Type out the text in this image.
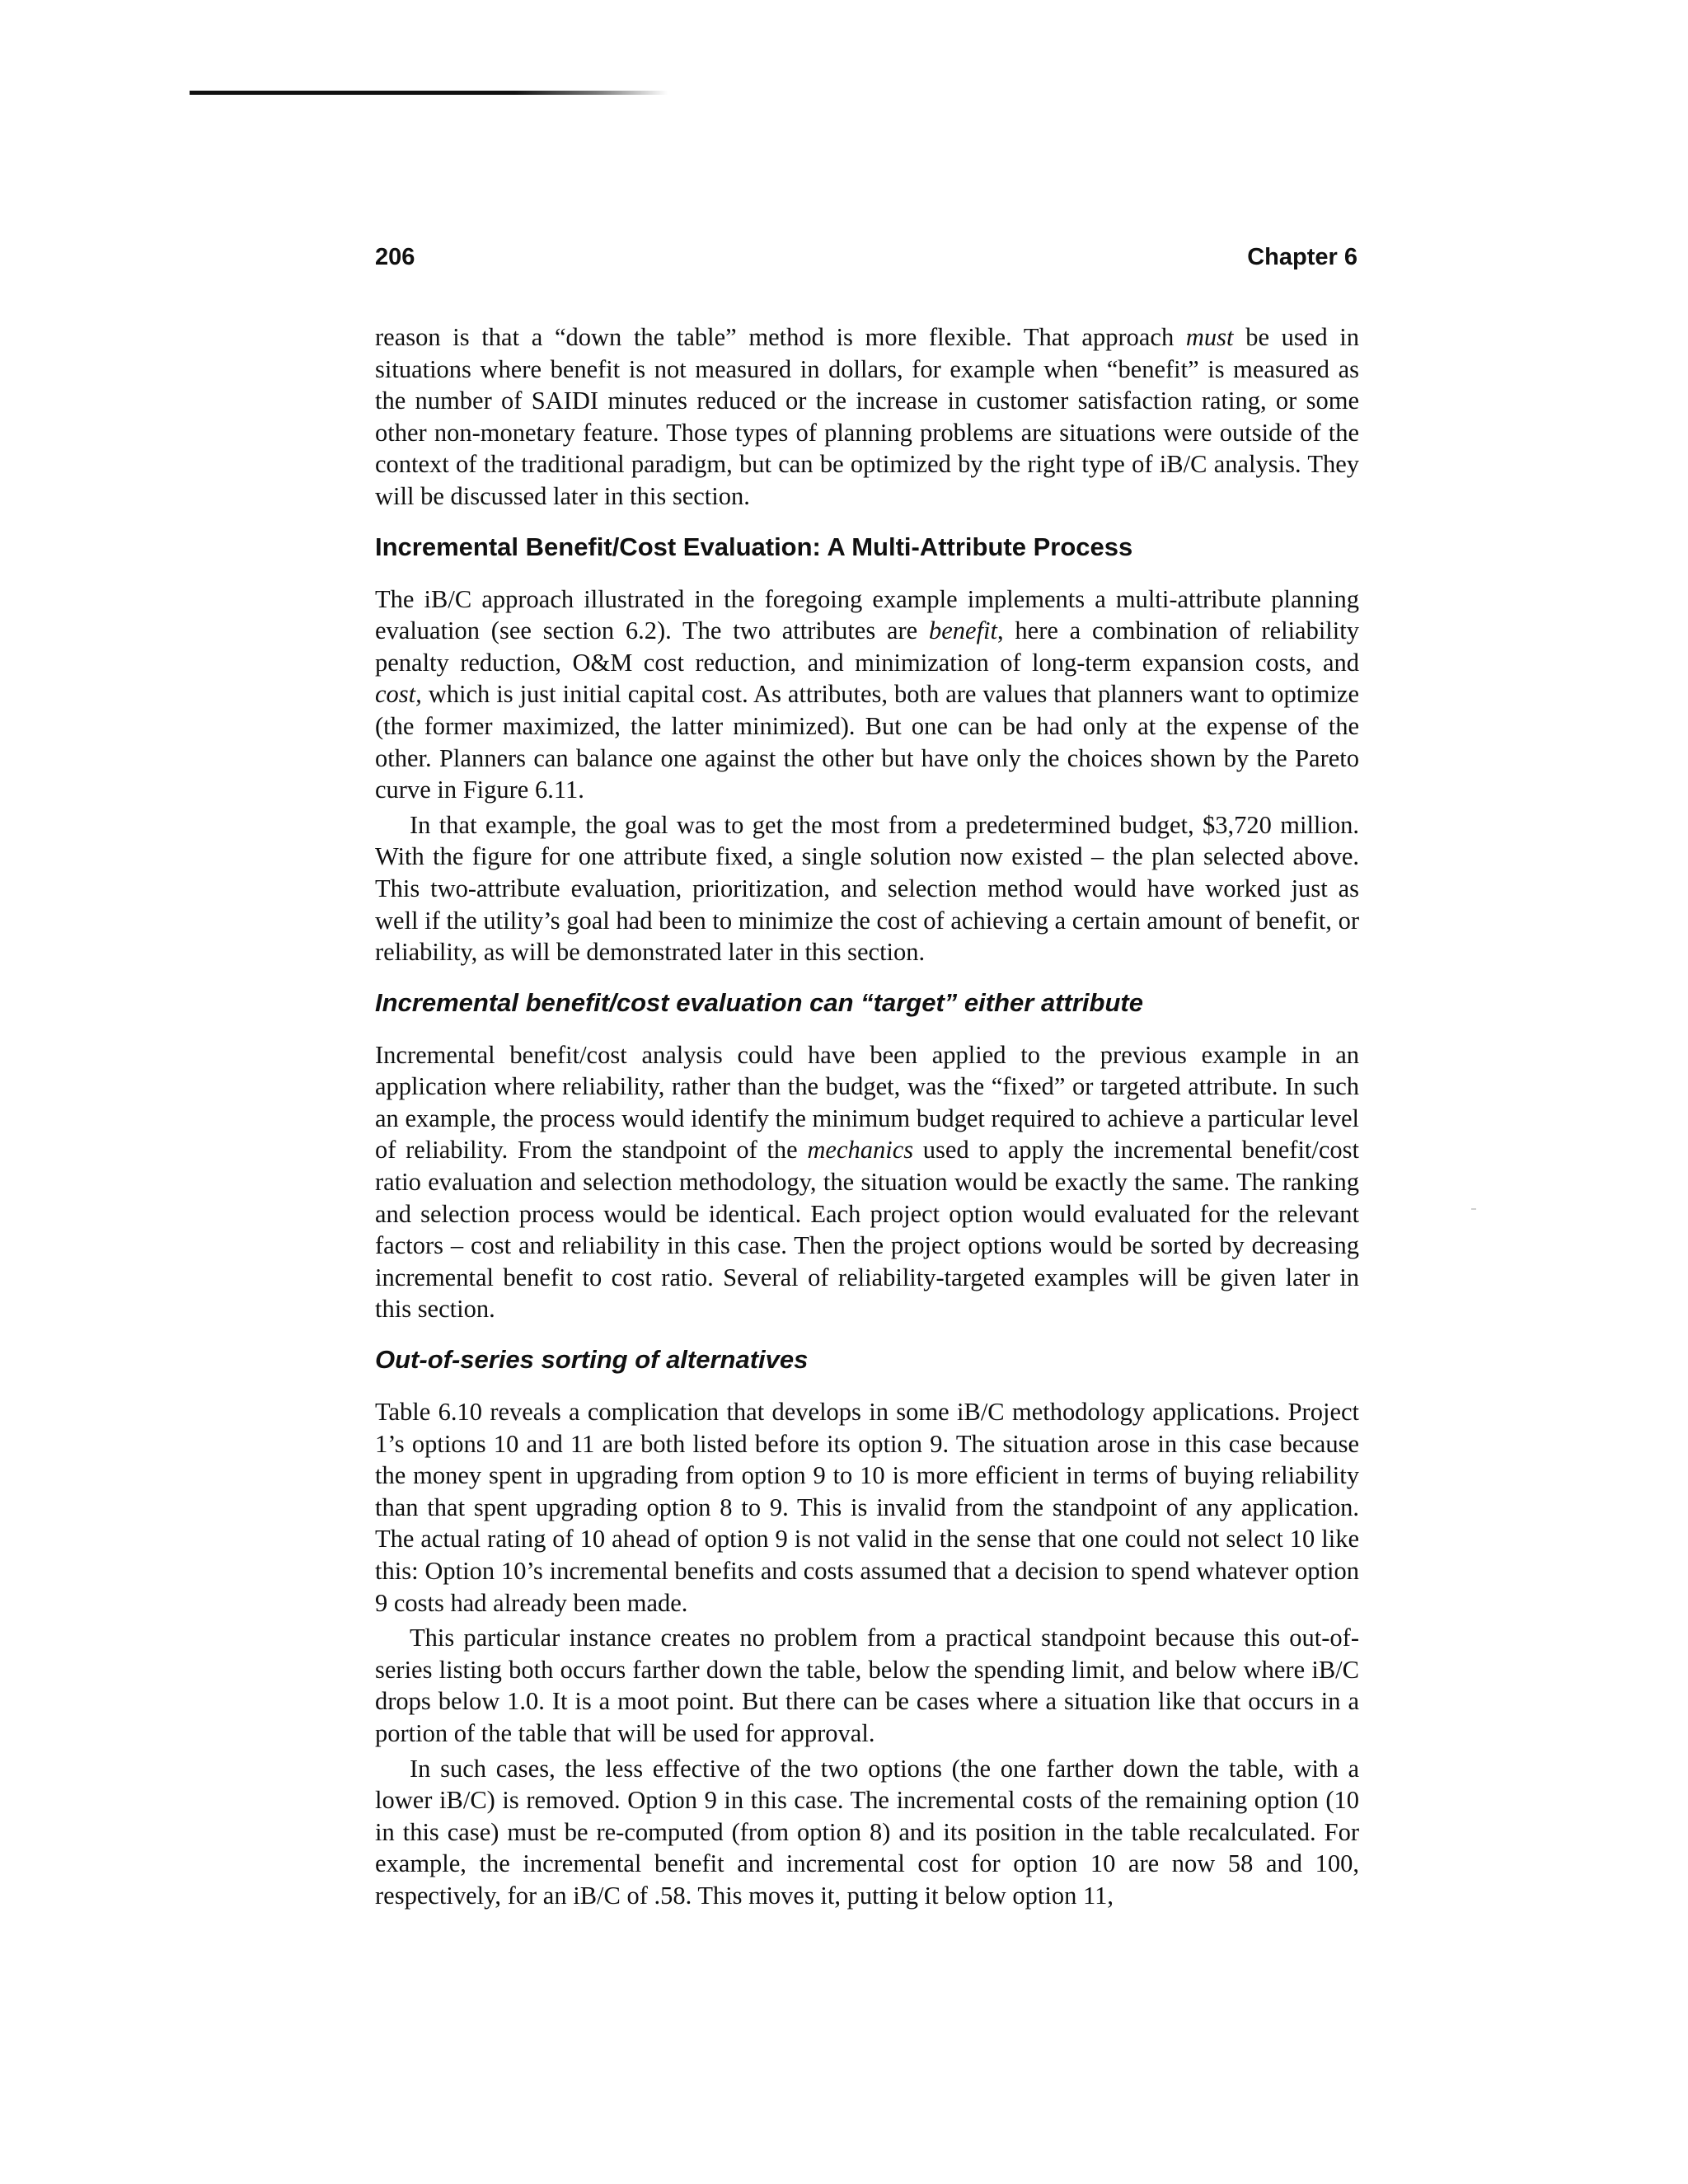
206	Chapter 6

reason is that a “down the table” method is more flexible. That approach must be used in situations where benefit is not measured in dollars, for example when “benefit” is measured as the number of SAIDI minutes reduced or the increase in customer satisfaction rating, or some other non-monetary feature. Those types of planning problems are situations were outside of the context of the traditional paradigm, but can be optimized by the right type of iB/C analysis. They will be discussed later in this section.

Incremental Benefit/Cost Evaluation: A Multi-Attribute Process

The iB/C approach illustrated in the foregoing example implements a multi-attribute planning evaluation (see section 6.2). The two attributes are benefit, here a combination of reliability penalty reduction, O&M cost reduction, and minimization of long-term expansion costs, and cost, which is just initial capital cost. As attributes, both are values that planners want to optimize (the former maximized, the latter minimized). But one can be had only at the expense of the other. Planners can balance one against the other but have only the choices shown by the Pareto curve in Figure 6.11.

In that example, the goal was to get the most from a predetermined budget, $3,720 million. With the figure for one attribute fixed, a single solution now existed – the plan selected above. This two-attribute evaluation, prioritization, and selection method would have worked just as well if the utility’s goal had been to minimize the cost of achieving a certain amount of benefit, or reliability, as will be demonstrated later in this section.

Incremental benefit/cost evaluation can “target” either attribute

Incremental benefit/cost analysis could have been applied to the previous example in an application where reliability, rather than the budget, was the “fixed” or targeted attribute. In such an example, the process would identify the minimum budget required to achieve a particular level of reliability. From the standpoint of the mechanics used to apply the incremental benefit/cost ratio evaluation and selection methodology, the situation would be exactly the same. The ranking and selection process would be identical. Each project option would evaluated for the relevant factors – cost and reliability in this case. Then the project options would be sorted by decreasing incremental benefit to cost ratio. Several of reliability-targeted examples will be given later in this section.

Out-of-series sorting of alternatives

Table 6.10 reveals a complication that develops in some iB/C methodology applications. Project 1’s options 10 and 11 are both listed before its option 9. The situation arose in this case because the money spent in upgrading from option 9 to 10 is more efficient in terms of buying reliability than that spent upgrading option 8 to 9. This is invalid from the standpoint of any application. The actual rating of 10 ahead of option 9 is not valid in the sense that one could not select 10 like this: Option 10’s incremental benefits and costs assumed that a decision to spend whatever option 9 costs had already been made.

This particular instance creates no problem from a practical standpoint because this out-of-series listing both occurs farther down the table, below the spending limit, and below where iB/C drops below 1.0. It is a moot point. But there can be cases where a situation like that occurs in a portion of the table that will be used for approval.

In such cases, the less effective of the two options (the one farther down the table, with a lower iB/C) is removed. Option 9 in this case. The incremental costs of the remaining option (10 in this case) must be re-computed (from option 8) and its position in the table recalculated. For example, the incremental benefit and incremental cost for option 10 are now 58 and 100, respectively, for an iB/C of .58. This moves it, putting it below option 11,
